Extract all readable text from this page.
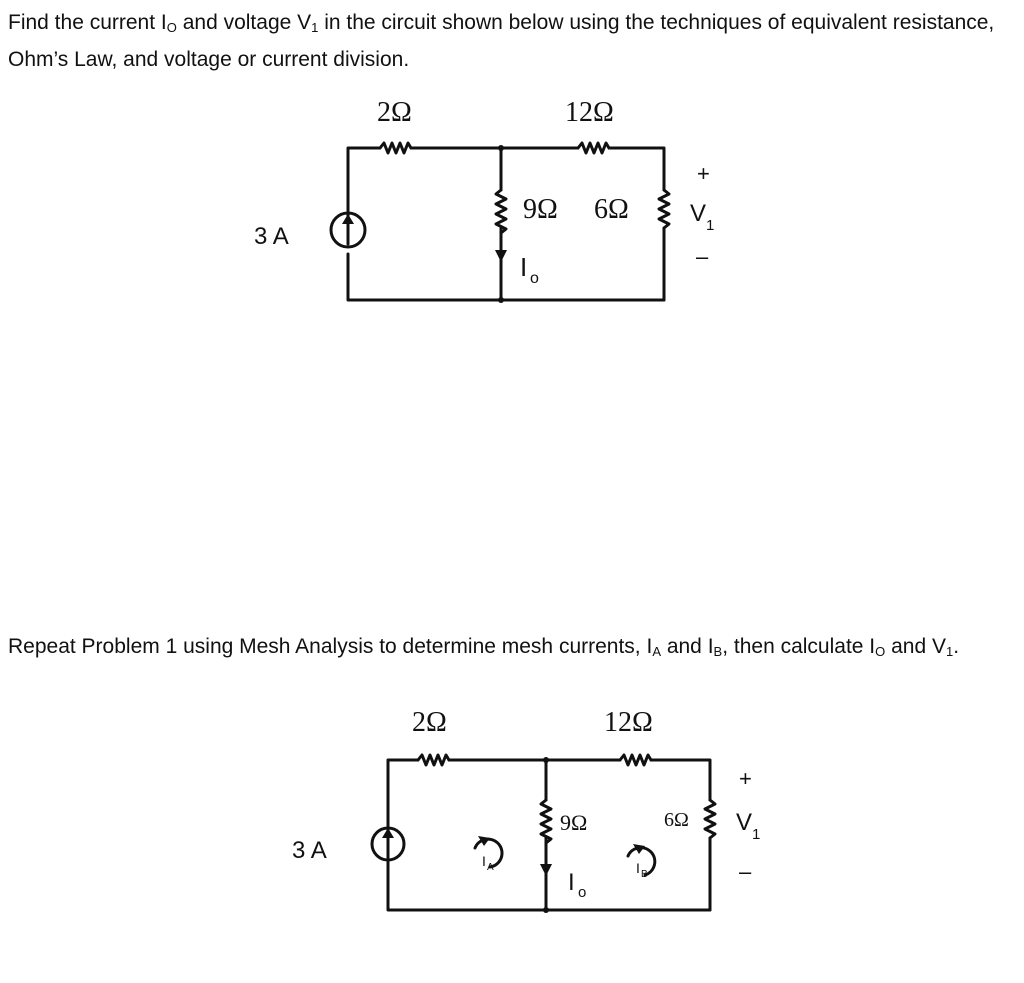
Find the current $I_O$ and voltage $V_1$ in the circuit shown below using the techniques of equivalent resistance, Ohm’s Law, and voltage or current division.

2Ω	12Ω
9Ω 6Ω
3 A
I o
+
V 1
–

Repeat Problem 1 using Mesh Analysis to determine mesh currents, $I_A$ and $I_B$, then calculate $I_O$ and $V_1$.

2Ω	12Ω
9Ω	6Ω
3 A
I o
I A	I B
+
V 1
–
